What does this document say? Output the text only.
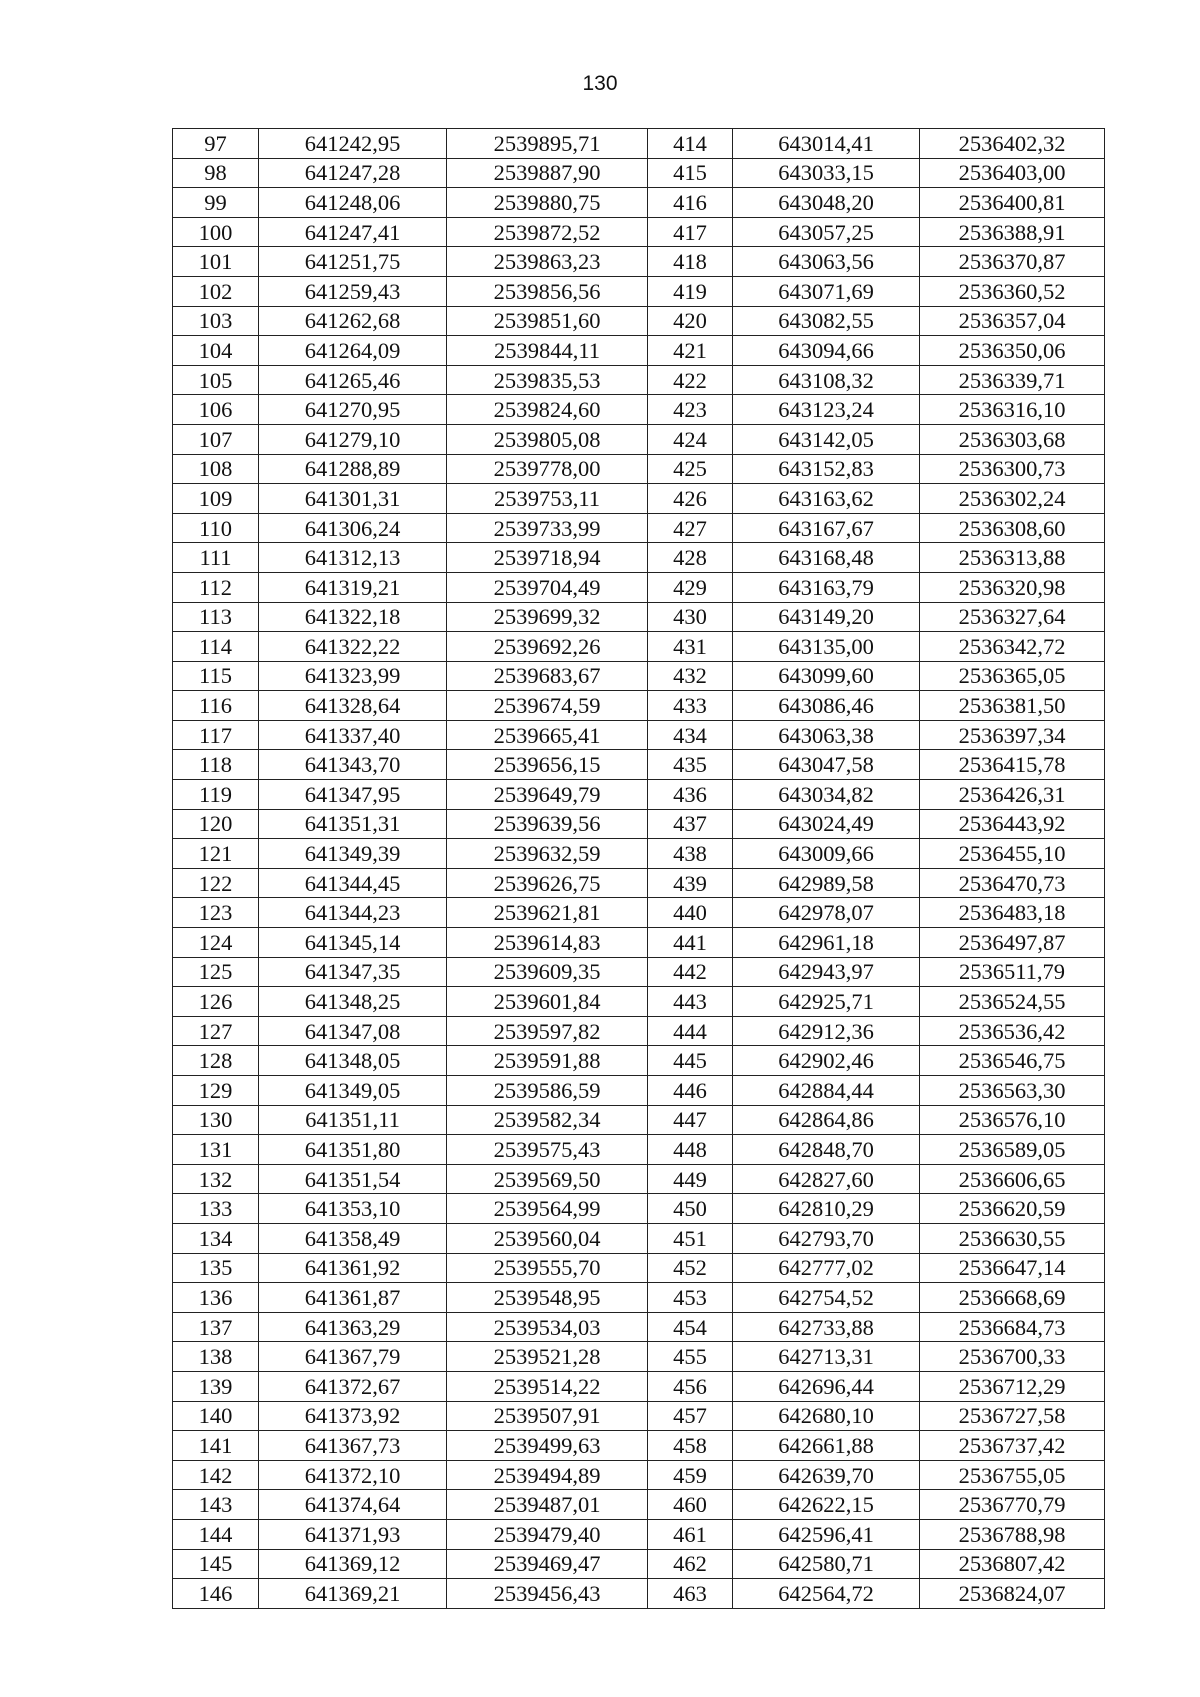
130
97	641242,95	2539895,71	414	643014,41	2536402,32
98	641247,28	2539887,90	415	643033,15	2536403,00
99	641248,06	2539880,75	416	643048,20	2536400,81
100	641247,41	2539872,52	417	643057,25	2536388,91
101	641251,75	2539863,23	418	643063,56	2536370,87
102	641259,43	2539856,56	419	643071,69	2536360,52
103	641262,68	2539851,60	420	643082,55	2536357,04
104	641264,09	2539844,11	421	643094,66	2536350,06
105	641265,46	2539835,53	422	643108,32	2536339,71
106	641270,95	2539824,60	423	643123,24	2536316,10
107	641279,10	2539805,08	424	643142,05	2536303,68
108	641288,89	2539778,00	425	643152,83	2536300,73
109	641301,31	2539753,11	426	643163,62	2536302,24
110	641306,24	2539733,99	427	643167,67	2536308,60
111	641312,13	2539718,94	428	643168,48	2536313,88
112	641319,21	2539704,49	429	643163,79	2536320,98
113	641322,18	2539699,32	430	643149,20	2536327,64
114	641322,22	2539692,26	431	643135,00	2536342,72
115	641323,99	2539683,67	432	643099,60	2536365,05
116	641328,64	2539674,59	433	643086,46	2536381,50
117	641337,40	2539665,41	434	643063,38	2536397,34
118	641343,70	2539656,15	435	643047,58	2536415,78
119	641347,95	2539649,79	436	643034,82	2536426,31
120	641351,31	2539639,56	437	643024,49	2536443,92
121	641349,39	2539632,59	438	643009,66	2536455,10
122	641344,45	2539626,75	439	642989,58	2536470,73
123	641344,23	2539621,81	440	642978,07	2536483,18
124	641345,14	2539614,83	441	642961,18	2536497,87
125	641347,35	2539609,35	442	642943,97	2536511,79
126	641348,25	2539601,84	443	642925,71	2536524,55
127	641347,08	2539597,82	444	642912,36	2536536,42
128	641348,05	2539591,88	445	642902,46	2536546,75
129	641349,05	2539586,59	446	642884,44	2536563,30
130	641351,11	2539582,34	447	642864,86	2536576,10
131	641351,80	2539575,43	448	642848,70	2536589,05
132	641351,54	2539569,50	449	642827,60	2536606,65
133	641353,10	2539564,99	450	642810,29	2536620,59
134	641358,49	2539560,04	451	642793,70	2536630,55
135	641361,92	2539555,70	452	642777,02	2536647,14
136	641361,87	2539548,95	453	642754,52	2536668,69
137	641363,29	2539534,03	454	642733,88	2536684,73
138	641367,79	2539521,28	455	642713,31	2536700,33
139	641372,67	2539514,22	456	642696,44	2536712,29
140	641373,92	2539507,91	457	642680,10	2536727,58
141	641367,73	2539499,63	458	642661,88	2536737,42
142	641372,10	2539494,89	459	642639,70	2536755,05
143	641374,64	2539487,01	460	642622,15	2536770,79
144	641371,93	2539479,40	461	642596,41	2536788,98
145	641369,12	2539469,47	462	642580,71	2536807,42
146	641369,21	2539456,43	463	642564,72	2536824,07
